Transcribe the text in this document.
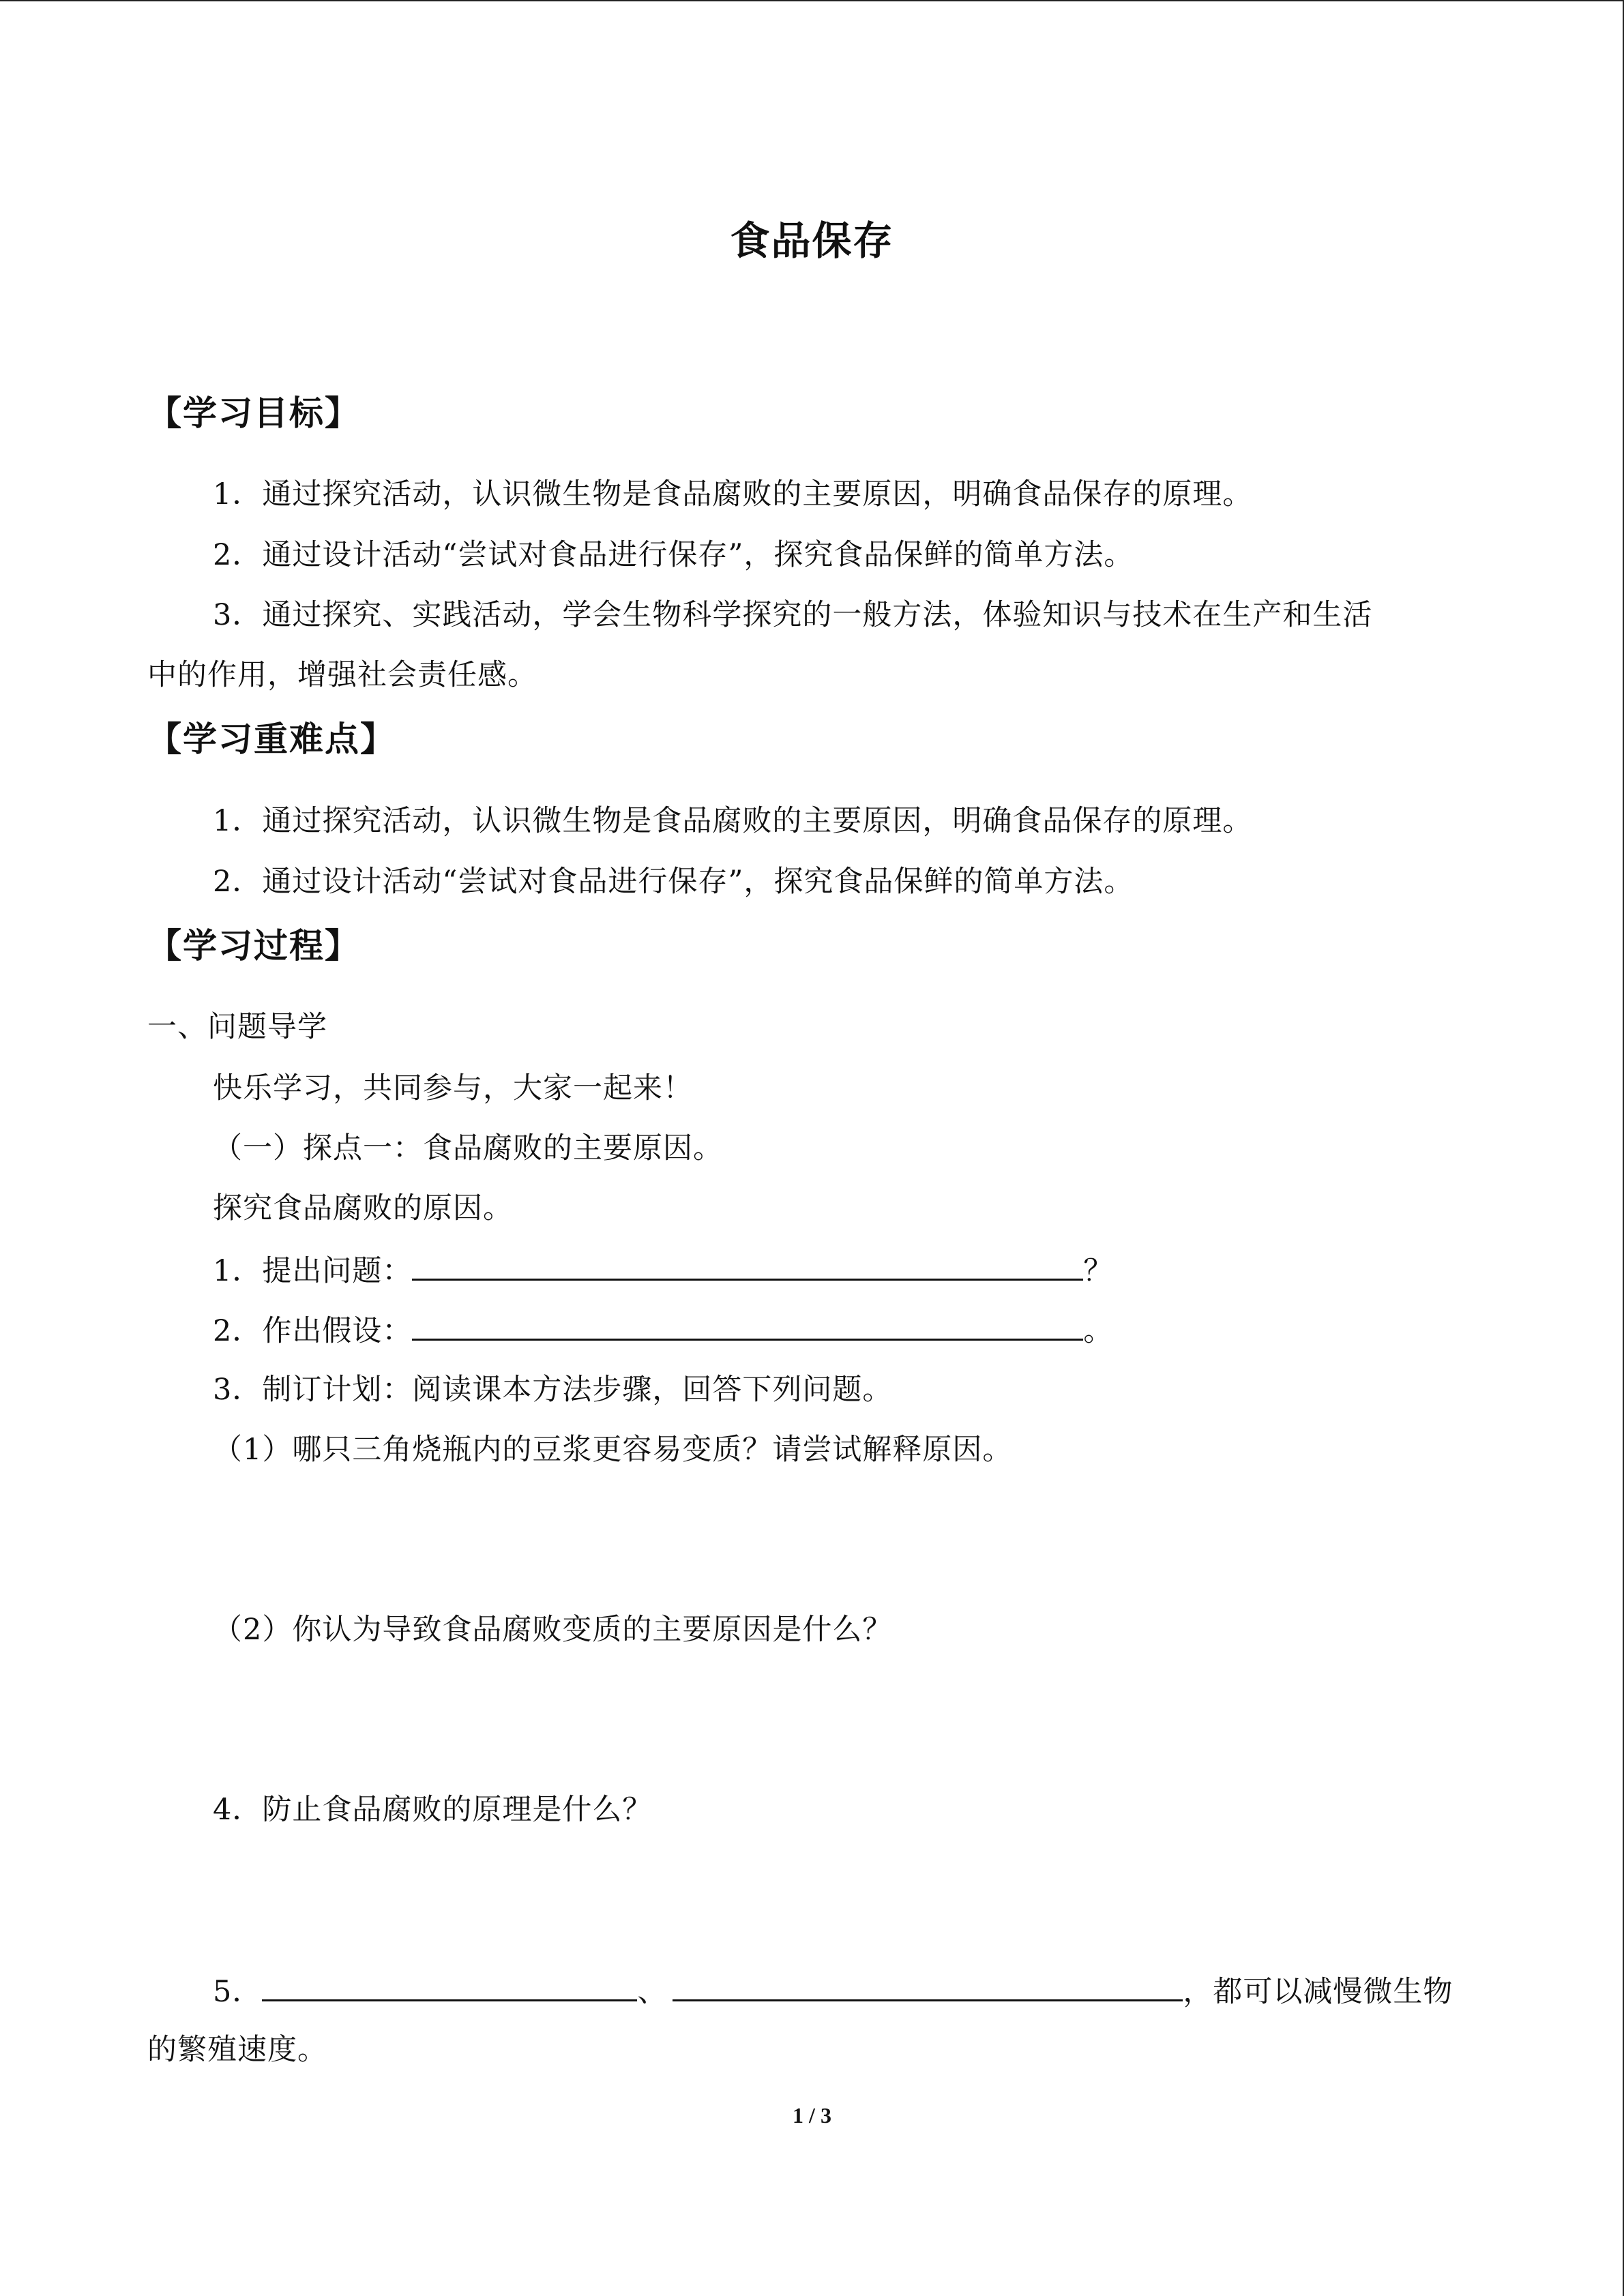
食品保存
【学习目标】
1．通过探究活动，认识微生物是食品腐败的主要原因，明确食品保存的原理。
2．通过设计活动“尝试对食品进行保存”，探究食品保鲜的简单方法。
3．通过探究、实践活动，学会生物科学探究的一般方法，体验知识与技术在生产和生活
中的作用，增强社会责任感。
【学习重难点】
1．通过探究活动，认识微生物是食品腐败的主要原因，明确食品保存的原理。
2．通过设计活动“尝试对食品进行保存”，探究食品保鲜的简单方法。
【学习过程】
一、问题导学
快乐学习，共同参与，大家一起来！
（一）探点一：食品腐败的主要原因。
探究食品腐败的原因。
1．提出问题：	？
2．作出假设：	。
3．制订计划：阅读课本方法步骤，回答下列问题。
（1）哪只三角烧瓶内的豆浆更容易变质？请尝试解释原因。
（2）你认为导致食品腐败变质的主要原因是什么？
4．防止食品腐败的原理是什么？
5．	、	，都可以减慢微生物
的繁殖速度。
1 / 3
